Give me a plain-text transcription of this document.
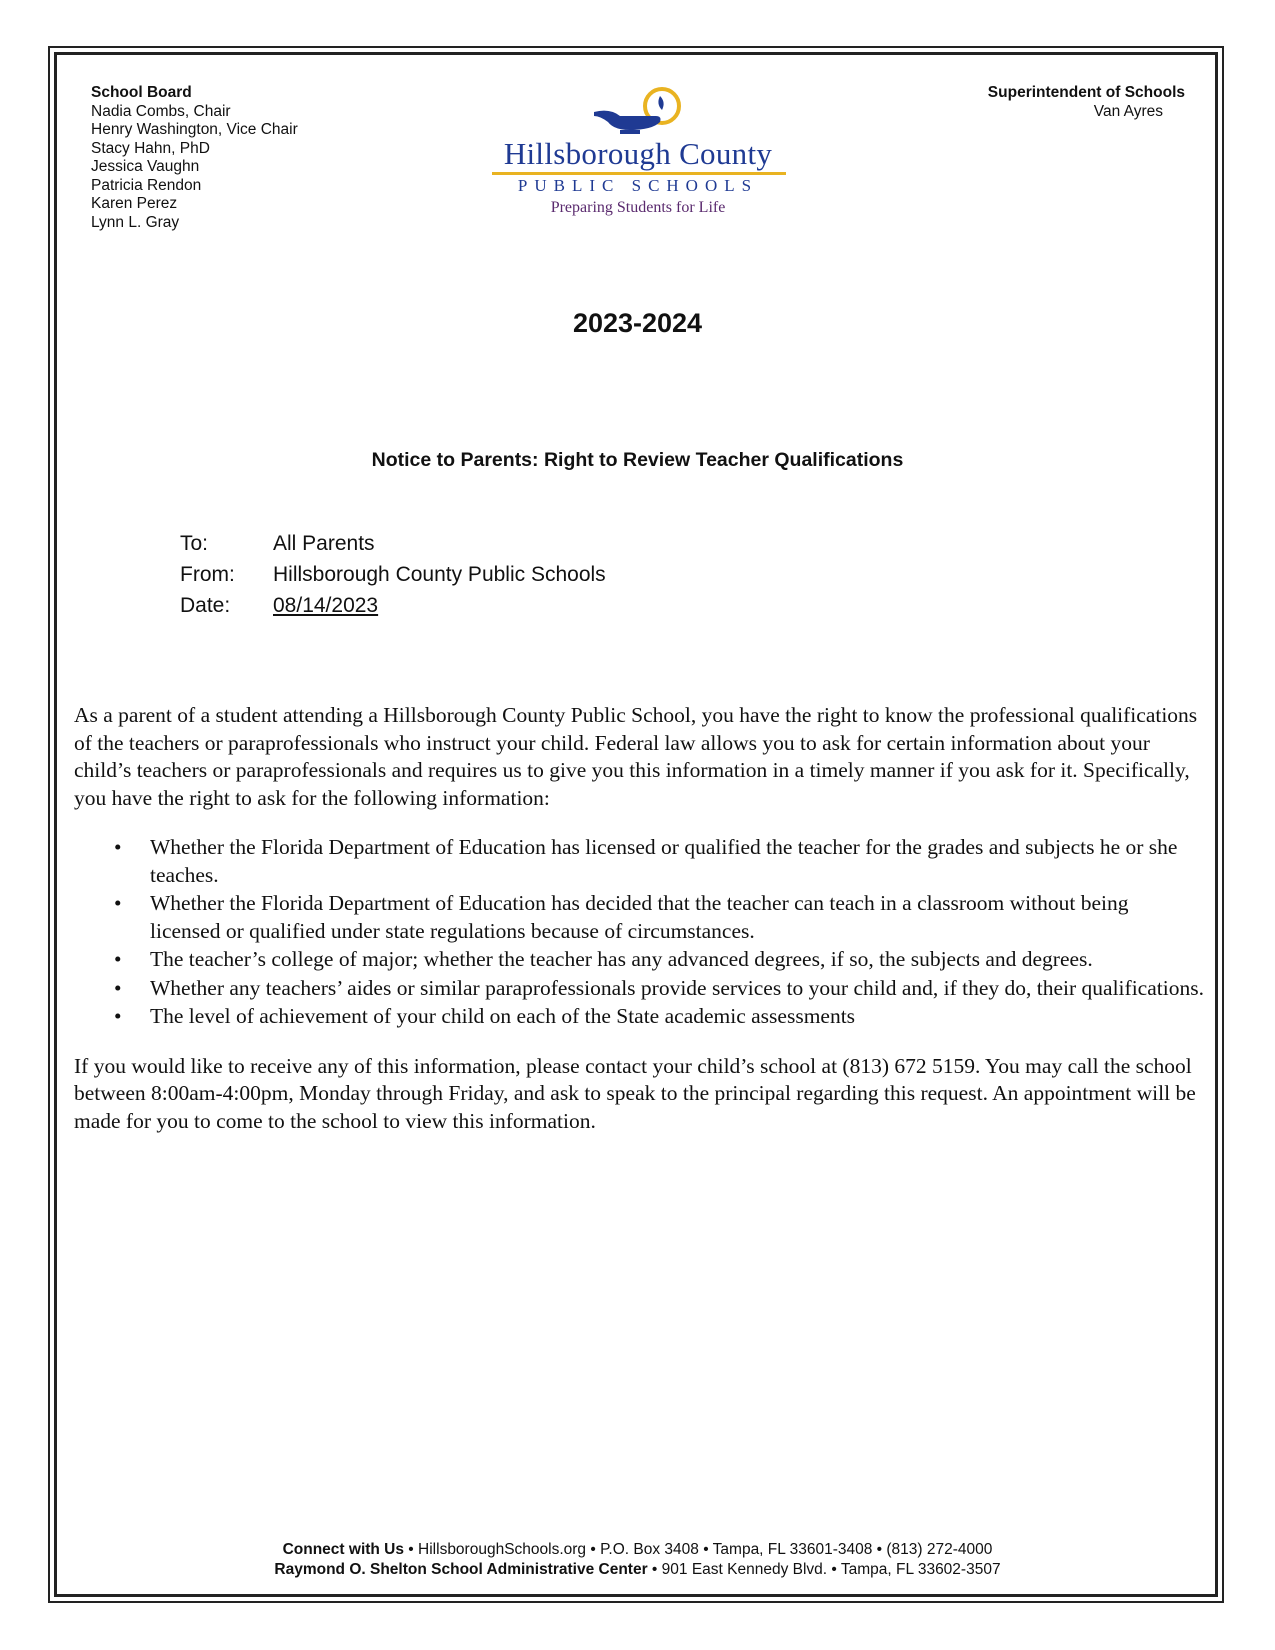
School Board
Nadia Combs, Chair
Henry Washington, Vice Chair
Stacy Hahn, PhD
Jessica Vaughn
Patricia Rendon
Karen Perez
Lynn L. Gray
Superintendent of Schools
Van Ayres
Hillsborough County
PUBLIC SCHOOLS
Preparing Students for Life
2023-2024
Notice to Parents: Right to Review Teacher Qualifications
To:	All Parents
From:	Hillsborough County Public Schools
Date:	08/14/2023

As a parent of a student attending a Hillsborough County Public School, you have the right to know the professional qualifications of the teachers or paraprofessionals who instruct your child. Federal law allows you to ask for certain information about your child’s teachers or paraprofessionals and requires us to give you this information in a timely manner if you ask for it. Specifically, you have the right to ask for the following information:

• Whether the Florida Department of Education has licensed or qualified the teacher for the grades and subjects he or she teaches.
• Whether the Florida Department of Education has decided that the teacher can teach in a classroom without being licensed or qualified under state regulations because of circumstances.
• The teacher’s college of major; whether the teacher has any advanced degrees, if so, the subjects and degrees.
• Whether any teachers’ aides or similar paraprofessionals provide services to your child and, if they do, their qualifications.
• The level of achievement of your child on each of the State academic assessments

If you would like to receive any of this information, please contact your child’s school at (813) 672 5159. You may call the school between 8:00am-4:00pm, Monday through Friday, and ask to speak to the principal regarding this request. An appointment will be made for you to come to the school to view this information.

Connect with Us • HillsboroughSchools.org • P.O. Box 3408 • Tampa, FL 33601-3408 • (813) 272-4000
Raymond O. Shelton School Administrative Center • 901 East Kennedy Blvd. • Tampa, FL 33602-3507
